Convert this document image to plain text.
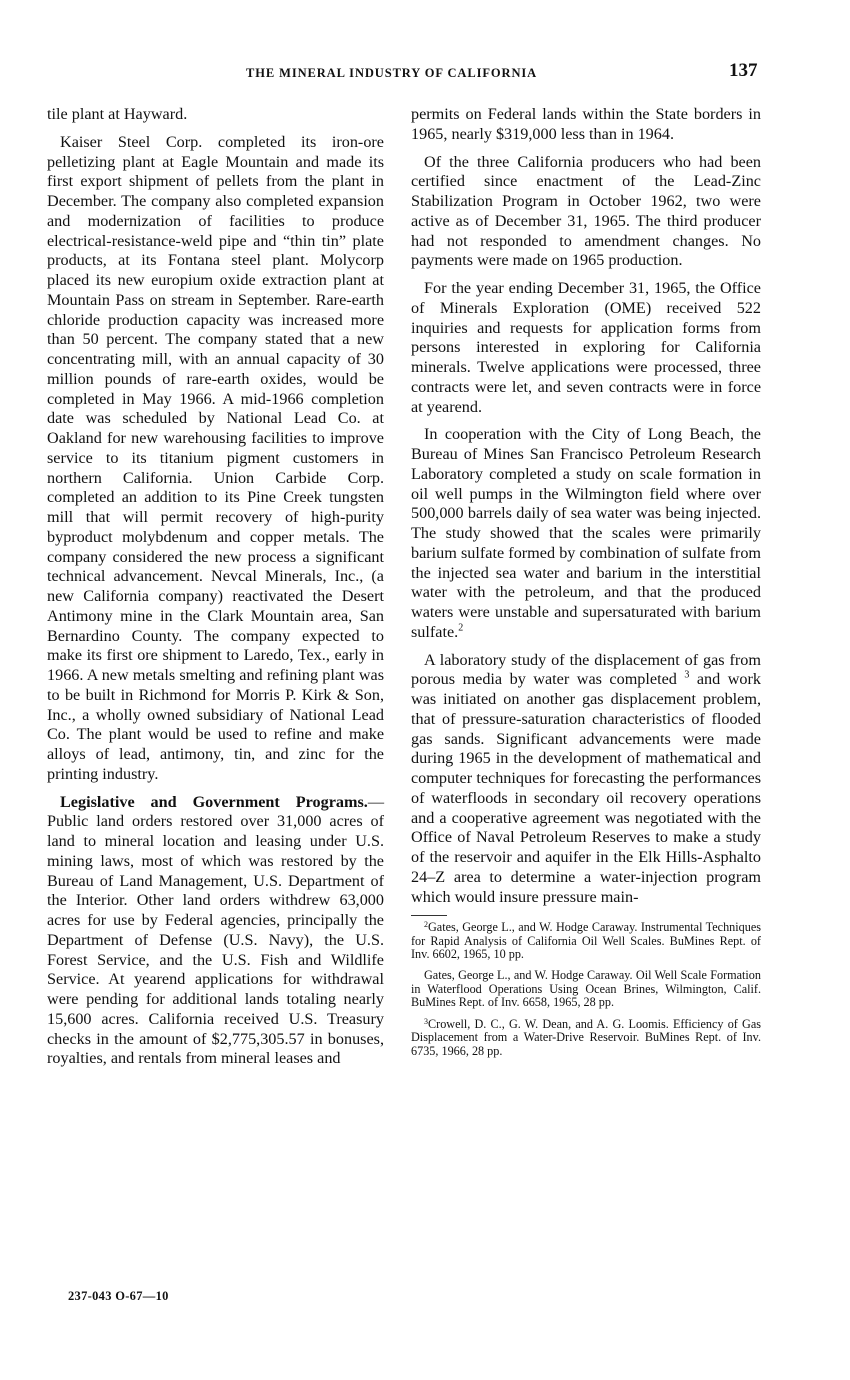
THE MINERAL INDUSTRY OF CALIFORNIA	137

tile plant at Hayward.

Kaiser Steel Corp. completed its iron-ore pelletizing plant at Eagle Mountain and made its first export shipment of pellets from the plant in December. The company also completed expansion and modernization of facilities to produce electrical-resistance-weld pipe and “thin tin” plate products, at its Fontana steel plant. Molycorp placed its new europium oxide extraction plant at Mountain Pass on stream in September. Rare-earth chloride production capacity was increased more than 50 percent. The company stated that a new concentrating mill, with an annual capacity of 30 million pounds of rare-earth oxides, would be completed in May 1966. A mid-1966 completion date was scheduled by National Lead Co. at Oakland for new warehousing facilities to improve service to its titanium pigment customers in northern California. Union Carbide Corp. completed an addition to its Pine Creek tungsten mill that will permit recovery of high-purity byproduct molybdenum and copper metals. The company considered the new process a significant technical advancement. Nevcal Minerals, Inc., (a new California company) reactivated the Desert Antimony mine in the Clark Mountain area, San Bernardino County. The company expected to make its first ore shipment to Laredo, Tex., early in 1966. A new metals smelting and refining plant was to be built in Richmond for Morris P. Kirk & Son, Inc., a wholly owned subsidiary of National Lead Co. The plant would be used to refine and make alloys of lead, antimony, tin, and zinc for the printing industry.

Legislative and Government Programs.—Public land orders restored over 31,000 acres of land to mineral location and leasing under U.S. mining laws, most of which was restored by the Bureau of Land Management, U.S. Department of the Interior. Other land orders withdrew 63,000 acres for use by Federal agencies, principally the Department of Defense (U.S. Navy), the U.S. Forest Service, and the U.S. Fish and Wildlife Service. At yearend applications for withdrawal were pending for additional lands totaling nearly 15,600 acres. California received U.S. Treasury checks in the amount of $2,775,305.57 in bonuses, royalties, and rentals from mineral leases and

permits on Federal lands within the State borders in 1965, nearly $319,000 less than in 1964.

Of the three California producers who had been certified since enactment of the Lead-Zinc Stabilization Program in October 1962, two were active as of December 31, 1965. The third producer had not responded to amendment changes. No payments were made on 1965 production.

For the year ending December 31, 1965, the Office of Minerals Exploration (OME) received 522 inquiries and requests for application forms from persons interested in exploring for California minerals. Twelve applications were processed, three contracts were let, and seven contracts were in force at yearend.

In cooperation with the City of Long Beach, the Bureau of Mines San Francisco Petroleum Research Laboratory completed a study on scale formation in oil well pumps in the Wilmington field where over 500,000 barrels daily of sea water was being injected. The study showed that the scales were primarily barium sulfate formed by combination of sulfate from the injected sea water and barium in the interstitial water with the petroleum, and that the produced waters were unstable and supersaturated with barium sulfate.$^2$

A laboratory study of the displacement of gas from porous media by water was completed $^3$ and work was initiated on another gas displacement problem, that of pressure-saturation characteristics of flooded gas sands. Significant advancements were made during 1965 in the development of mathematical and computer techniques for forecasting the performances of waterfloods in secondary oil recovery operations and a cooperative agreement was negotiated with the Office of Naval Petroleum Reserves to make a study of the reservoir and aquifer in the Elk Hills-Asphalto 24–Z area to determine a water-injection program which would insure pressure main-

$^2$Gates, George L., and W. Hodge Caraway. Instrumental Techniques for Rapid Analysis of California Oil Well Scales. BuMines Rept. of Inv. 6602, 1965, 10 pp.

Gates, George L., and W. Hodge Caraway. Oil Well Scale Formation in Waterflood Operations Using Ocean Brines, Wilmington, Calif. BuMines Rept. of Inv. 6658, 1965, 28 pp.

$^3$Crowell, D. C., G. W. Dean, and A. G. Loomis. Efficiency of Gas Displacement from a Water-Drive Reservoir. BuMines Rept. of Inv. 6735, 1966, 28 pp.

237-043 O-67—10
